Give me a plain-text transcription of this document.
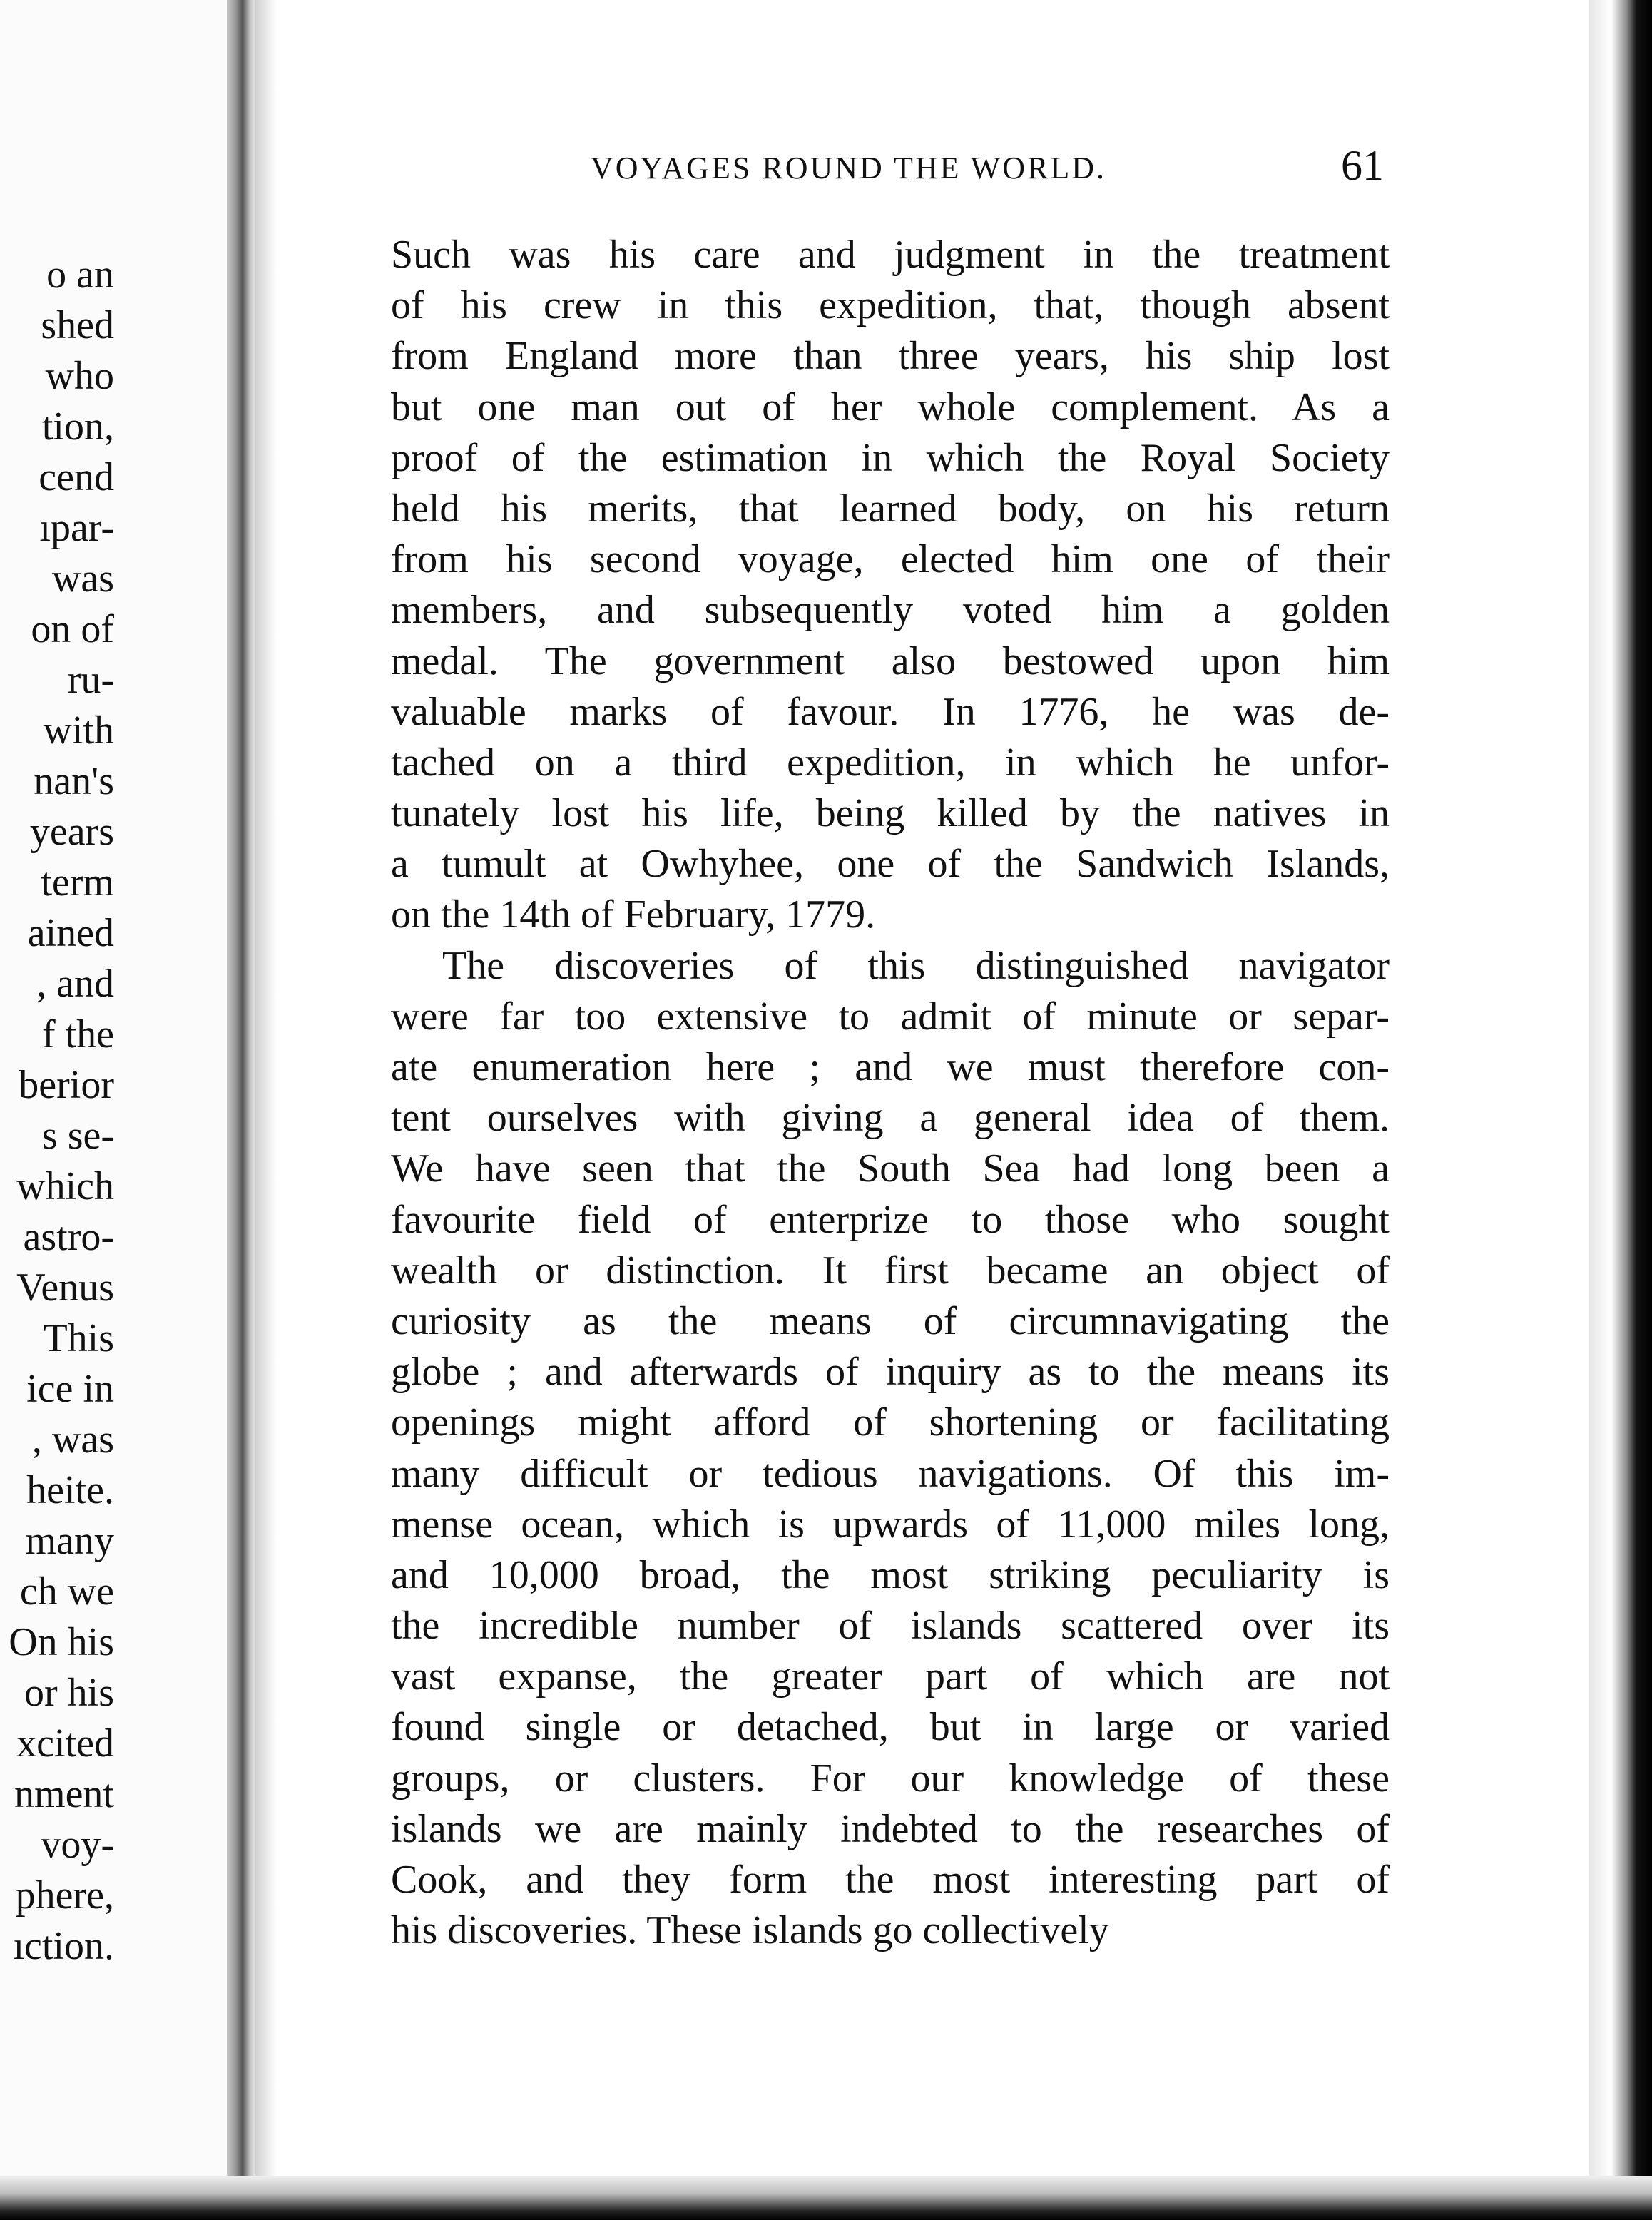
o an
shed
who
tion,
cend
ıpar-
was
on of
ru-
with
nan's
years
term
ained
, and
f the
berior
s se-
which
astro-
Venus
This
ice in
, was
heite.
many
ch we
On his
or his
xcited
nment
voy-
phere,
ıction.
VOYAGES ROUND THE WORLD.	61
Such was his care and judgment in the treatment
of his crew in this expedition, that, though absent
from England more than three years, his ship lost
but one man out of her whole complement. As a
proof of the estimation in which the Royal Society
held his merits, that learned body, on his return
from his second voyage, elected him one of their
members, and subsequently voted him a golden
medal. The government also bestowed upon him
valuable marks of favour. In 1776, he was de-
tached on a third expedition, in which he unfor-
tunately lost his life, being killed by the natives in
a tumult at Owhyhee, one of the Sandwich Islands,
on the 14th of February, 1779.
The discoveries of this distinguished navigator
were far too extensive to admit of minute or separ-
ate enumeration here ; and we must therefore con-
tent ourselves with giving a general idea of them.
We have seen that the South Sea had long been a
favourite field of enterprize to those who sought
wealth or distinction. It first became an object of
curiosity as the means of circumnavigating the
globe ; and afterwards of inquiry as to the means its
openings might afford of shortening or facilitating
many difficult or tedious navigations. Of this im-
mense ocean, which is upwards of 11,000 miles long,
and 10,000 broad, the most striking peculiarity is
the incredible number of islands scattered over its
vast expanse, the greater part of which are not
found single or detached, but in large or varied
groups, or clusters. For our knowledge of these
islands we are mainly indebted to the researches of
Cook, and they form the most interesting part of
his discoveries. These islands go collectively
